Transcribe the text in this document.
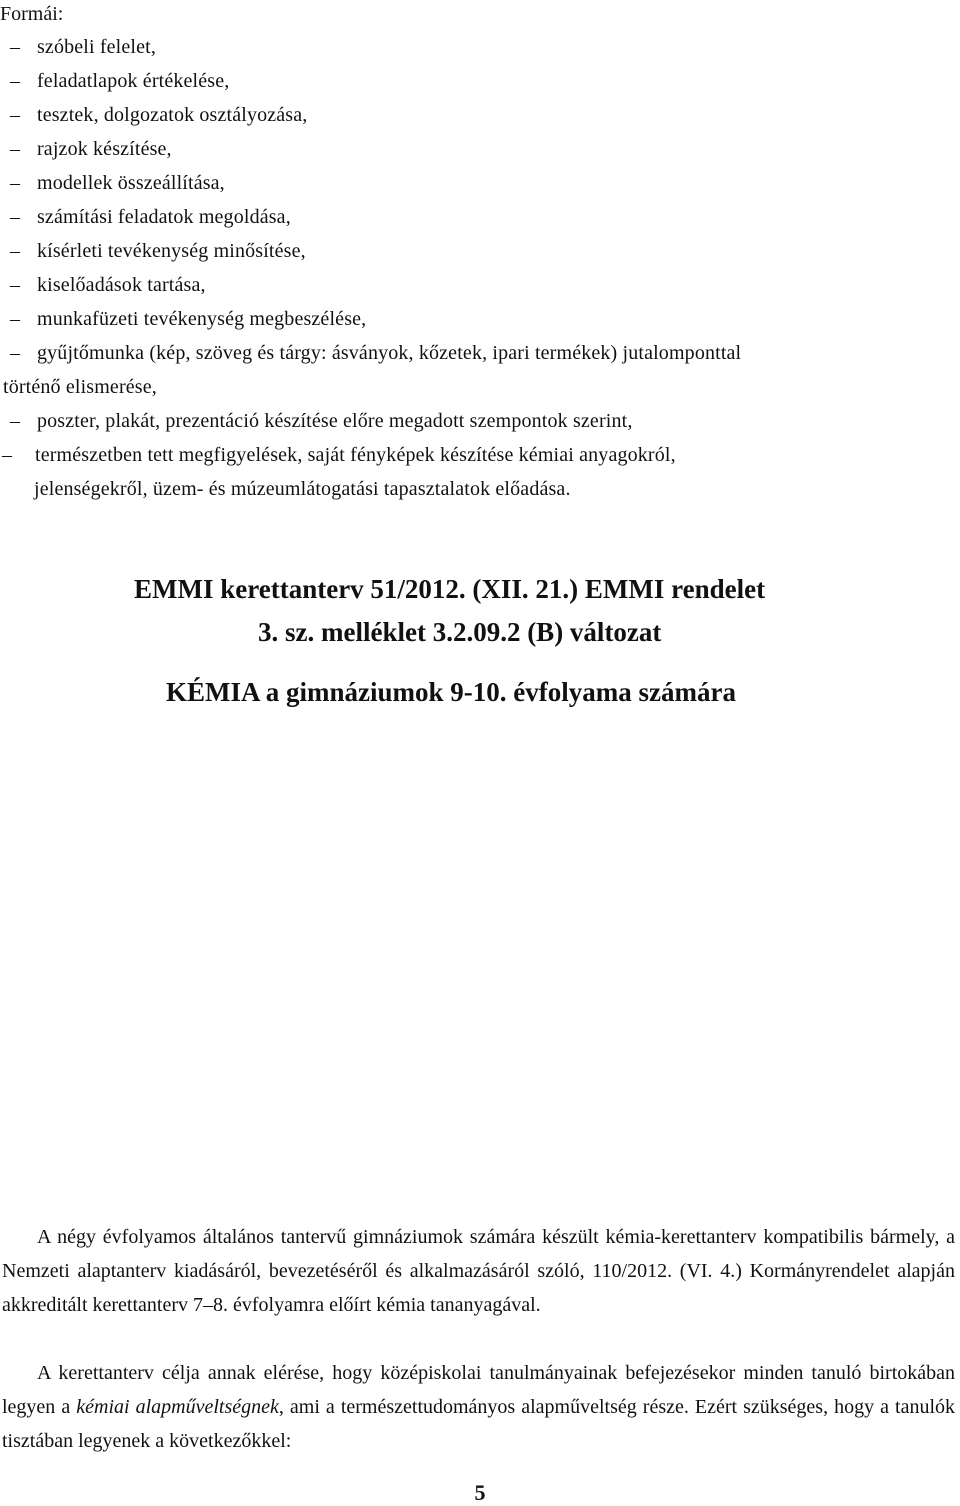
Formái:
– szóbeli felelet,
– feladatlapok értékelése,
– tesztek, dolgozatok osztályozása,
– rajzok készítése,
– modellek összeállítása,
– számítási feladatok megoldása,
– kísérleti tevékenység minősítése,
– kiselőadások tartása,
– munkafüzeti tevékenység megbeszélése,
– gyűjtőmunka (kép, szöveg és tárgy: ásványok, kőzetek, ipari termékek) jutalomponttal
történő elismerése,
– poszter, plakát, prezentáció készítése előre megadott szempontok szerint,
– természetben tett megfigyelések, saját fényképek készítése kémiai anyagokról,
jelenségekről, üzem- és múzeumlátogatási tapasztalatok előadása.
EMMI kerettanterv 51/2012. (XII. 21.) EMMI rendelet
3. sz. melléklet 3.2.09.2 (B) változat
KÉMIA a gimnáziumok 9-10. évfolyama számára

A négy évfolyamos általános tantervű gimnáziumok számára készült kémia-kerettanterv kompatibilis bármely, a Nemzeti alaptanterv kiadásáról, bevezetéséről és alkalmazásáról szóló, 110/2012. (VI. 4.) Kormányrendelet alapján akkreditált kerettanterv 7–8. évfolyamra előírt kémia tananyagával.

A kerettanterv célja annak elérése, hogy középiskolai tanulmányainak befejezésekor minden tanuló birtokában legyen a kémiai alapműveltségnek, ami a természettudományos alapműveltség része. Ezért szükséges, hogy a tanulók tisztában legyenek a következőkkel:

5
